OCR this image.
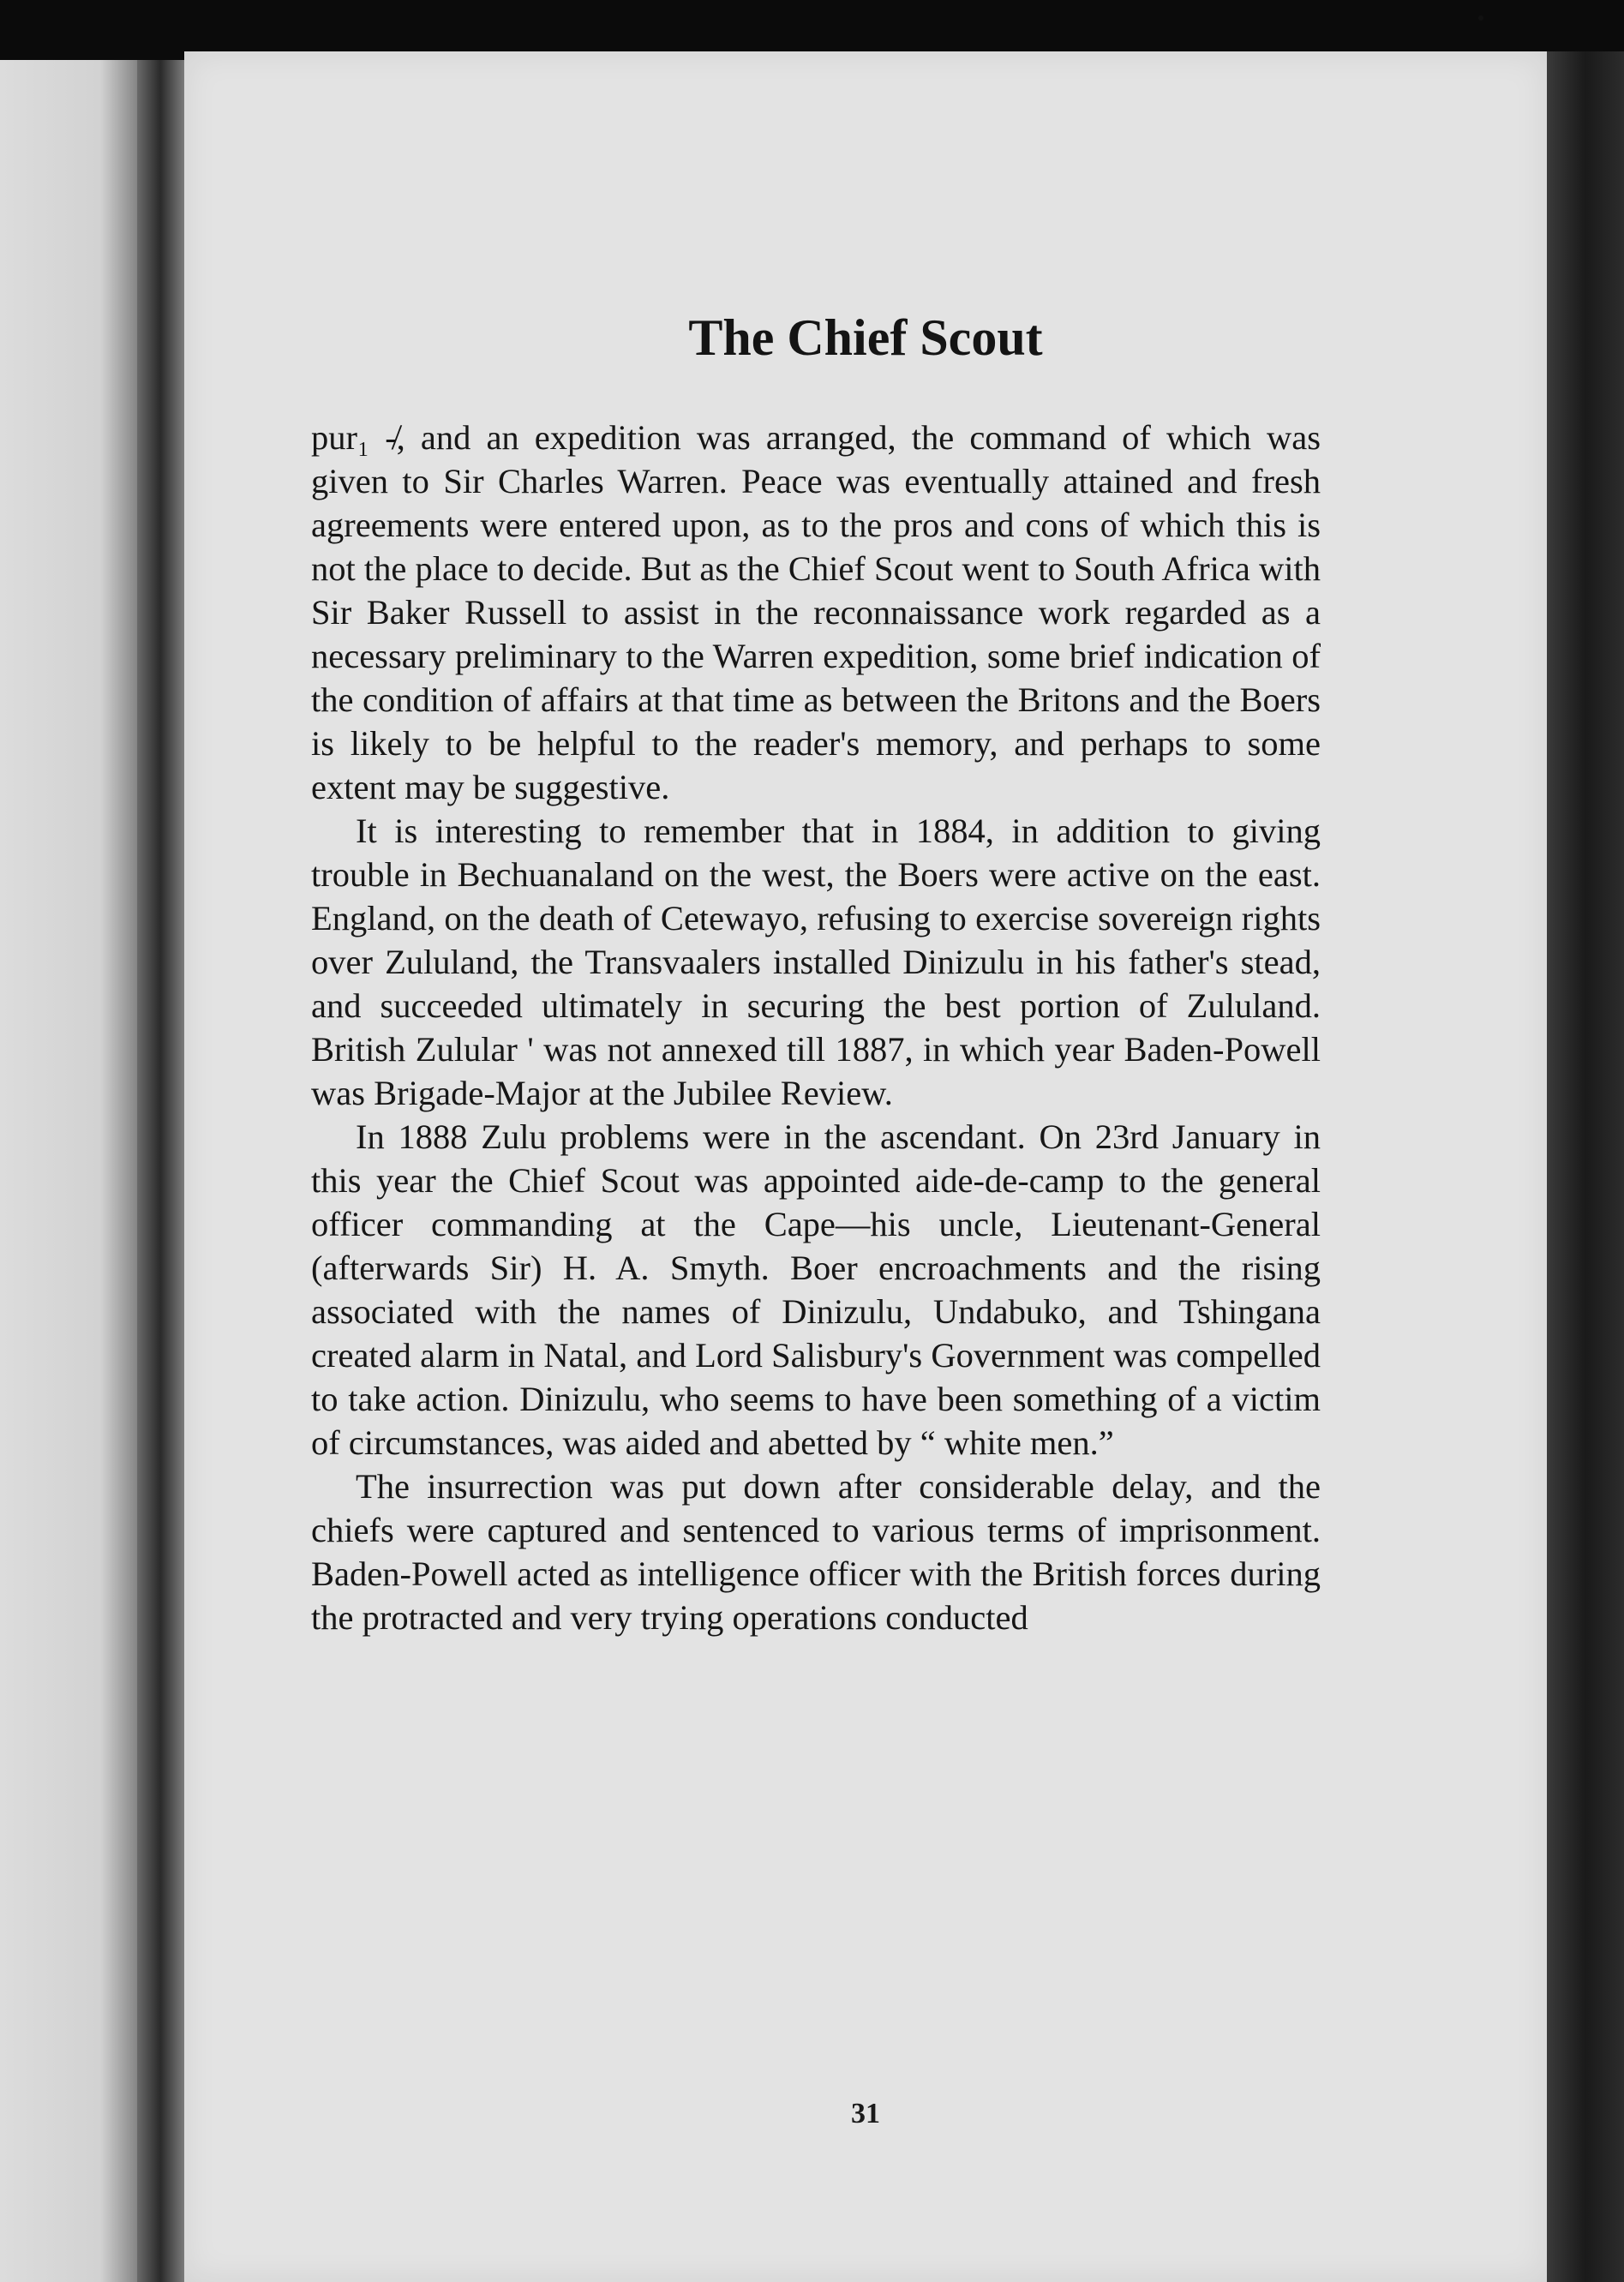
The Chief Scout

pur₁ -̸, and an expedition was arranged, the command of which was given to Sir Charles Warren. Peace was eventually attained and fresh agreements were entered upon, as to the pros and cons of which this is not the place to decide. But as the Chief Scout went to South Africa with Sir Baker Russell to assist in the reconnaissance work regarded as a necessary preliminary to the Warren expedition, some brief indication of the condition of affairs at that time as between the Britons and the Boers is likely to be helpful to the reader's memory, and perhaps to some extent may be suggestive.

It is interesting to remember that in 1884, in addition to giving trouble in Bechuanaland on the west, the Boers were active on the east. England, on the death of Cetewayo, refusing to exercise sovereign rights over Zululand, the Transvaalers installed Dinizulu in his father's stead, and succeeded ultimately in securing the best portion of Zululand. British Zulular ' was not annexed till 1887, in which year Baden-Powell was Brigade-Major at the Jubilee Review.

In 1888 Zulu problems were in the ascendant. On 23rd January in this year the Chief Scout was appointed aide-de-camp to the general officer commanding at the Cape—his uncle, Lieutenant-General (afterwards Sir) H. A. Smyth. Boer encroachments and the rising associated with the names of Dinizulu, Undabuko, and Tshingana created alarm in Natal, and Lord Salisbury's Government was compelled to take action. Dinizulu, who seems to have been something of a victim of circumstances, was aided and abetted by “ white men.”

The insurrection was put down after considerable delay, and the chiefs were captured and sentenced to various terms of imprisonment. Baden-Powell acted as intelligence officer with the British forces during the protracted and very trying operations conducted

31
